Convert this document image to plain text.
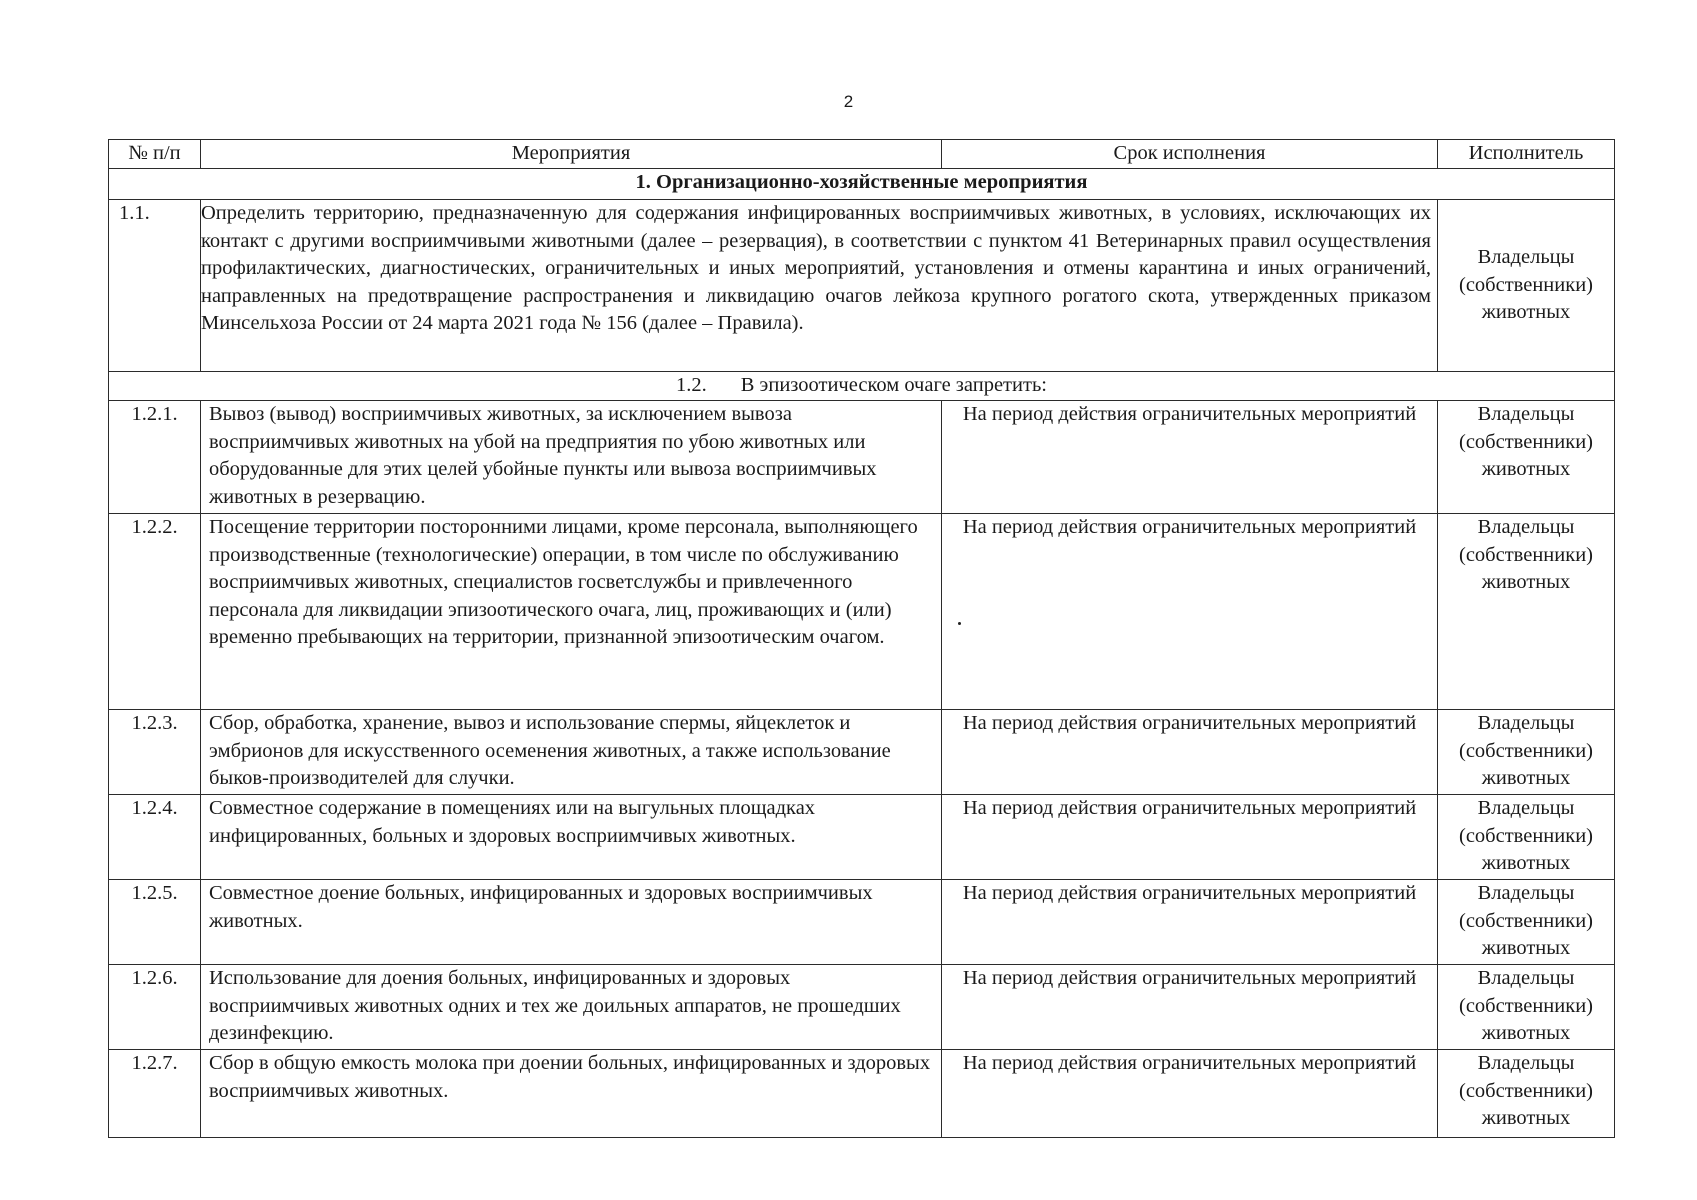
2
№ п/п	Мероприятия	Срок исполнения	Исполнитель
1. Организационно-хозяйственные мероприятия			
1.1.	Определить территорию, предназначенную для содержания инфицированных восприимчивых животных, в условиях, исключающих их контакт с другими восприимчивыми животными (далее – резервация), в соответствии с пунктом 41 Ветеринарных правил осуществления профилактических, диагностических, ограничительных и иных мероприятий, установления и отмены карантина и иных ограничений, направленных на предотвращение распространения и ликвидацию очагов лейкоза крупного рогатого скота, утвержденных приказом Минсельхоза России от 24 марта 2021 года № 156 (далее – Правила).		Владельцы (собственники) животных
1.2. В эпизоотическом очаге запретить:			
1.2.1.	Вывоз (вывод) восприимчивых животных, за исключением вывоза восприимчивых животных на убой на предприятия по убою животных или оборудованные для этих целей убойные пункты или вывоза восприимчивых животных в резервацию.	На период действия ограничительных мероприятий	Владельцы (собственники) животных
1.2.2.	Посещение территории посторонними лицами, кроме персонала, выполняющего производственные (технологические) операции, в том числе по обслуживанию восприимчивых животных, специалистов госветслужбы и привлеченного персонала для ликвидации эпизоотического очага, лиц, проживающих и (или) временно пребывающих на территории, признанной эпизоотическим очагом.	На период действия ограничительных мероприятий	Владельцы (собственники) животных
1.2.3.	Сбор, обработка, хранение, вывоз и использование спермы, яйцеклеток и эмбрионов для искусственного осеменения животных, а также использование быков-производителей для случки.	На период действия ограничительных мероприятий	Владельцы (собственники) животных
1.2.4.	Совместное содержание в помещениях или на выгульных площадках инфицированных, больных и здоровых восприимчивых животных.	На период действия ограничительных мероприятий	Владельцы (собственники) животных
1.2.5.	Совместное доение больных, инфицированных и здоровых восприимчивых животных.	На период действия ограничительных мероприятий	Владельцы (собственники) животных
1.2.6.	Использование для доения больных, инфицированных и здоровых восприимчивых животных одних и тех же доильных аппаратов, не прошедших дезинфекцию.	На период действия ограничительных мероприятий	Владельцы (собственники) животных
1.2.7.	Сбор в общую емкость молока при доении больных, инфицированных и здоровых восприимчивых животных.	На период действия ограничительных мероприятий	Владельцы (собственники) животных
